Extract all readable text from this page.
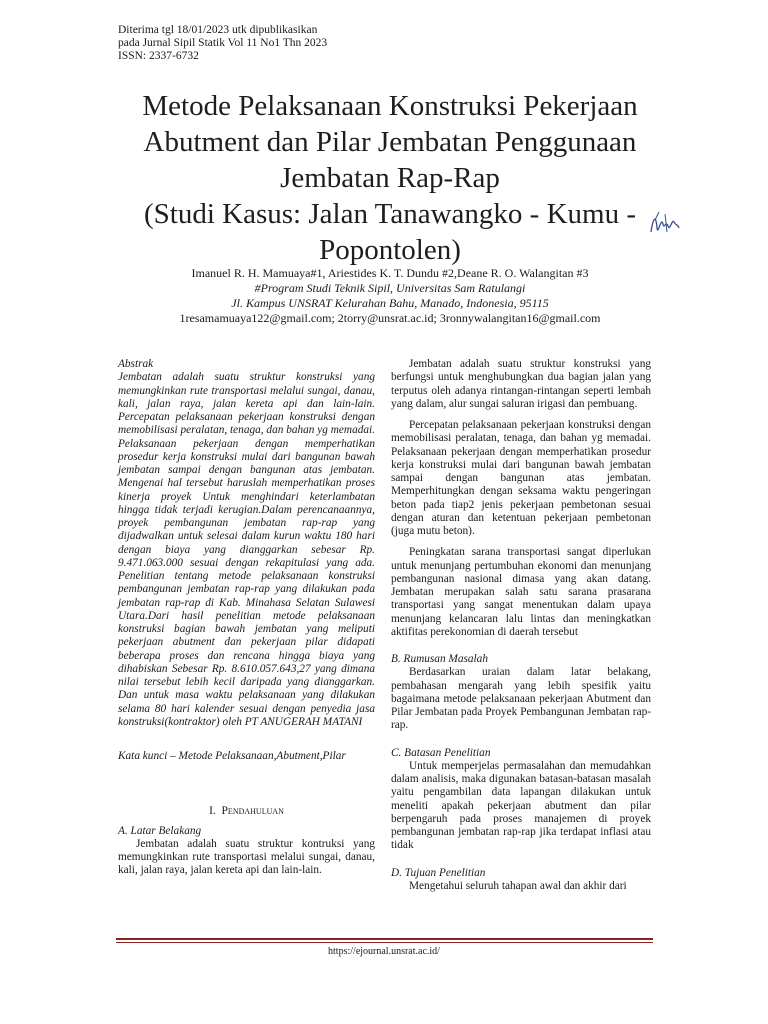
Diterima tgl 18/01/2023 utk dipublikasikan
pada Jurnal Sipil Statik Vol 11 No1 Thn 2023
ISSN: 2337-6732
Metode Pelaksanaan Konstruksi Pekerjaan
Abutment dan Pilar Jembatan Penggunaan
Jembatan Rap-Rap
(Studi Kasus: Jalan Tanawangko - Kumu -
Popontolen)
Imanuel R. H. Mamuaya#1, Ariestides K. T. Dundu #2,Deane R. O. Walangitan #3
#Program Studi Teknik Sipil, Universitas Sam Ratulangi
Jl. Kampus UNSRAT Kelurahan Bahu, Manado, Indonesia, 95115
1resamamuaya122@gmail.com; 2torry@unsrat.ac.id; 3ronnywalangitan16@gmail.com

Abstrak

Jembatan adalah suatu struktur konstruksi yang memungkinkan rute transportasi melalui sungai, danau, kali, jalan raya, jalan kereta api dan lain-lain. Percepatan pelaksanaan pekerjaan konstruksi dengan memobilisasi peralatan, tenaga, dan bahan yg memadai. Pelaksanaan pekerjaan dengan memperhatikan prosedur kerja konstruksi mulai dari bangunan bawah jembatan sampai dengan bangunan atas jembatan. Mengenai hal tersebut haruslah memperhatikan proses kinerja proyek Untuk menghindari keterlambatan hingga tidak terjadi kerugian.Dalam perencanaannya, proyek pembangunan jembatan rap-rap yang dijadwalkan untuk selesai dalam kurun waktu 180 hari dengan biaya yang dianggarkan sebesar Rp. 9.471.063.000 sesuai dengan rekapitulasi yang ada. Penelitian tentang metode pelaksanaan konstruksi pembangunan jembatan rap-rap yang dilakukan pada jembatan rap-rap di Kab. Minahasa Selatan Sulawesi Utara.Dari hasil penelitian metode pelaksanaan konstruksi bagian bawah jembatan yang meliputi pekerjaan abutment dan pekerjaan pilar didapati beberapa proses dan rencana hingga biaya yang dihabiskan Sebesar Rp. 8.610.057.643,27 yang dimana nilai tersebut lebih kecil daripada yang dianggarkan. Dan untuk masa waktu pelaksanaan yang dilakukan selama 80 hari kalender sesuai dengan penyedia jasa konstruksi(kontraktor) oleh PT ANUGERAH MATANI

Kata kunci – Metode Pelaksanaan,Abutment,Pilar

I. Pendahuluan

A. Latar Belakang

Jembatan adalah suatu struktur kontruksi yang memungkinkan rute transportasi melalui sungai, danau, kali, jalan raya, jalan kereta api dan lain-lain.

Jembatan adalah suatu struktur konstruksi yang berfungsi untuk menghubungkan dua bagian jalan yang terputus oleh adanya rintangan-rintangan seperti lembah yang dalam, alur sungai saluran irigasi dan pembuang.

Percepatan pelaksanaan pekerjaan konstruksi dengan memobilisasi peralatan, tenaga, dan bahan yg memadai. Pelaksanaan pekerjaan dengan memperhatikan prosedur kerja konstruksi mulai dari bangunan bawah jembatan sampai dengan bangunan atas jembatan. Memperhitungkan dengan seksama waktu pengeringan beton pada tiap2 jenis pekerjaan pembetonan sesuai dengan aturan dan ketentuan pekerjaan pembetonan (juga mutu beton).

Peningkatan sarana transportasi sangat diperlukan untuk menunjang pertumbuhan ekonomi dan menunjang pembangunan nasional dimasa yang akan datang. Jembatan merupakan salah satu sarana prasarana transportasi yang sangat menentukan dalam upaya menunjang kelancaran lalu lintas dan meningkatkan aktifitas perekonomian di daerah tersebut

B. Rumusan Masalah

Berdasarkan uraian dalam latar belakang, pembahasan mengarah yang lebih spesifik yaitu bagaimana metode pelaksanaan pekerjaan Abutment dan Pilar Jembatan pada Proyek Pembangunan Jembatan rap-rap.

C. Batasan Penelitian

Untuk memperjelas permasalahan dan memudahkan dalam analisis, maka digunakan batasan-batasan masalah yaitu pengambilan data lapangan dilakukan untuk meneliti apakah pekerjaan abutment dan pilar berpengaruh pada proses manajemen di proyek pembangunan jembatan rap-rap jika terdapat inflasi atau tidak

D. Tujuan Penelitian

Mengetahui seluruh tahapan awal dan akhir dari

https://ejournal.unsrat.ac.id/
